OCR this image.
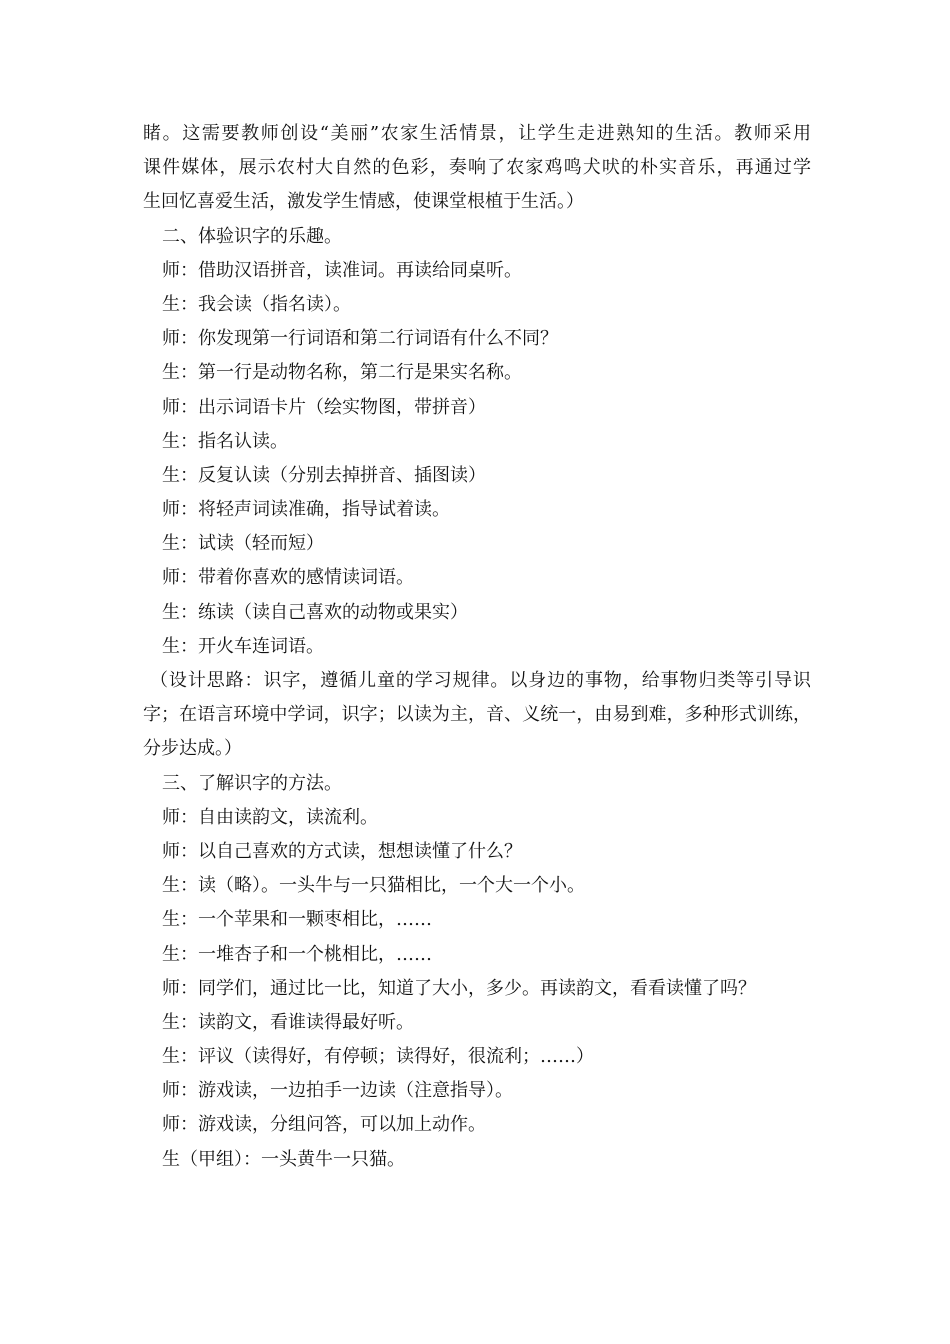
睹。这需要教师创设“美丽”农家生活情景，让学生走进熟知的生活。教师采用
课件媒体，展示农村大自然的色彩，奏响了农家鸡鸣犬吠的朴实音乐，再通过学
生回忆喜爱生活，激发学生情感，使课堂根植于生活。）
二、体验识字的乐趣。
师：借助汉语拼音，读准词。再读给同桌听。
生：我会读（指名读）。
师：你发现第一行词语和第二行词语有什么不同？
生：第一行是动物名称，第二行是果实名称。
师：出示词语卡片（绘实物图，带拼音）
生：指名认读。
生：反复认读（分别去掉拼音、插图读）
师：将轻声词读准确，指导试着读。
生：试读（轻而短）
师：带着你喜欢的感情读词语。
生：练读（读自己喜欢的动物或果实）
生：开火车连词语。
（设计思路：识字，遵循儿童的学习规律。以身边的事物，给事物归类等引导识
字；在语言环境中学词，识字；以读为主，音、义统一，由易到难，多种形式训练，
分步达成。）
三、了解识字的方法。
师：自由读韵文，读流利。
师：以自己喜欢的方式读，想想读懂了什么？
生：读（略）。一头牛与一只猫相比，一个大一个小。
生：一个苹果和一颗枣相比，……
生：一堆杏子和一个桃相比，……
师：同学们，通过比一比，知道了大小，多少。再读韵文，看看读懂了吗？
生：读韵文，看谁读得最好听。
生：评议（读得好，有停顿；读得好，很流利；……）
师：游戏读，一边拍手一边读（注意指导）。
师：游戏读，分组问答，可以加上动作。
生（甲组）：一头黄牛一只猫。
